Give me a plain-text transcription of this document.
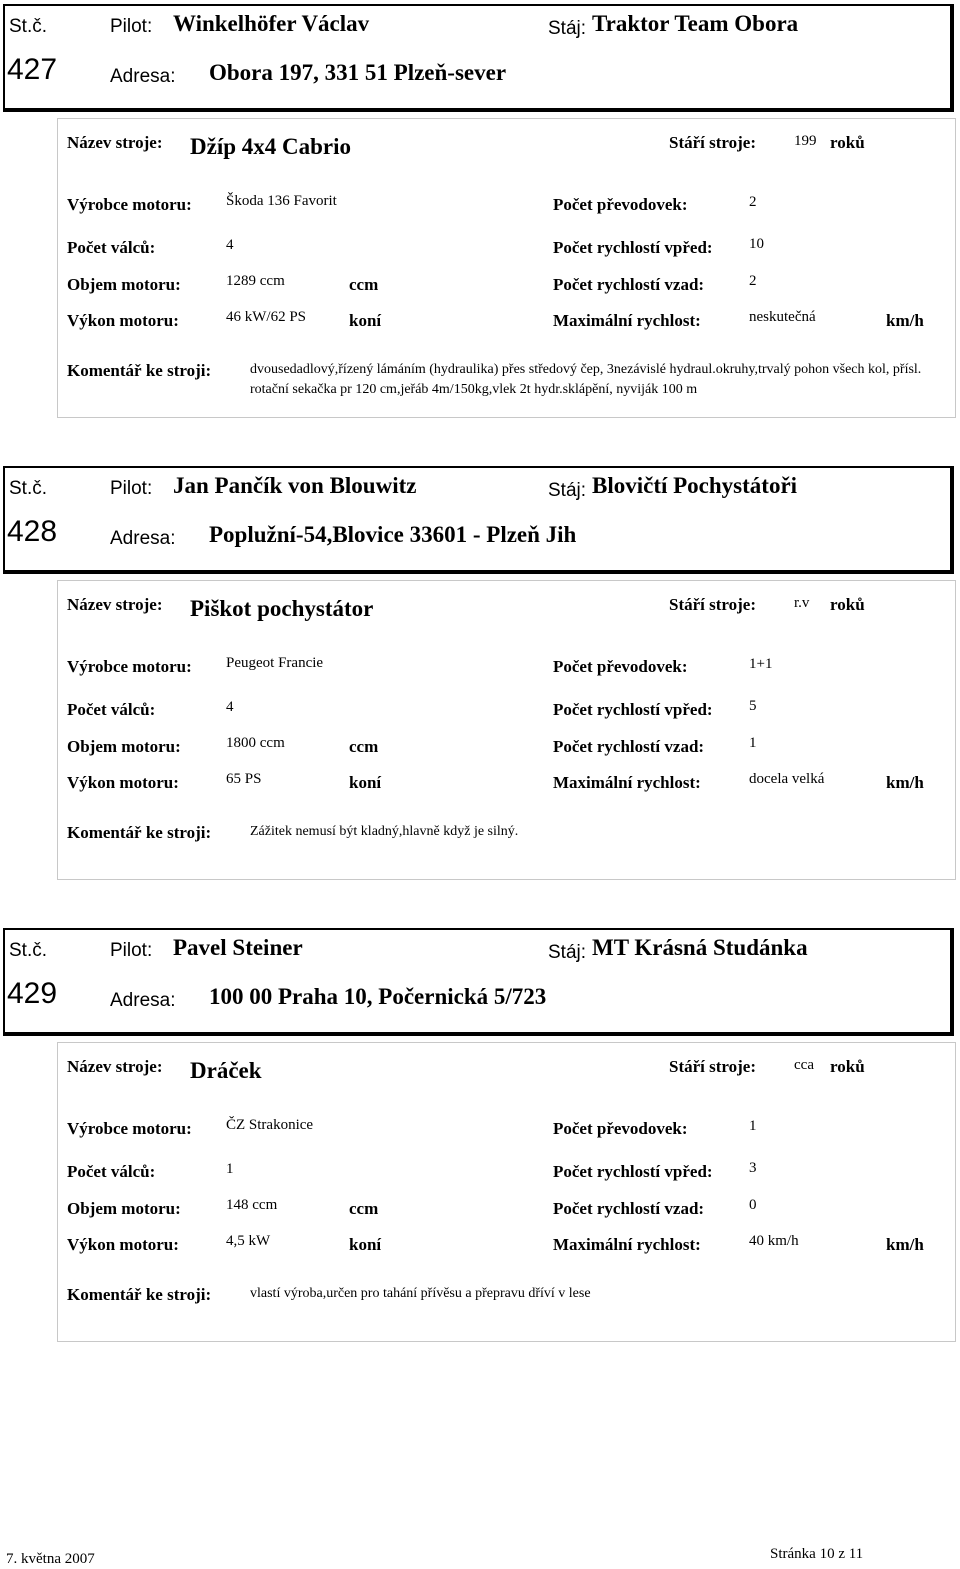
St.č.	Pilot: Winkelhöfer Václav	Stáj: Traktor Team Obora
427	Adresa: Obora 197, 331 51 Plzeň-sever
Název stroje: Džíp 4x4 Cabrio	Stáří stroje:	199 roků
Výrobce motoru: Škoda 136 Favorit	Počet převodovek:	2
Počet válců:	4	Počet rychlostí vpřed: 10
Objem motoru:	1289 ccm	ccm	Počet rychlostí vzad:	2
Výkon motoru:	46 kW/62 PS	koní	Maximální rychlost:	neskutečná	km/h
Komentář ke stroji:	dvousedadlový,řízený lámáním (hydraulika) přes středový čep, 3nezávislé hydraul.okruhy,trvalý pohon všech kol, přísl. rotační sekačka pr 120 cm,jeřáb 4m/150kg,vlek 2t hydr.sklápění, nyviják 100 m
St.č.	Pilot: Jan Pančík von Blouwitz	Stáj: Blovičtí Pochystátoři
428	Adresa: Poplužní-54,Blovice 33601 - Plzeň Jih
Název stroje: Piškot pochystátor	Stáří stroje:	r.v roků
Výrobce motoru: Peugeot Francie	Počet převodovek:	1+1
Počet válců:	4	Počet rychlostí vpřed: 5
Objem motoru:	1800 ccm	ccm	Počet rychlostí vzad:	1
Výkon motoru:	65 PS	koní	Maximální rychlost:	docela velká	km/h
Komentář ke stroji:	Zážitek nemusí být kladný,hlavně když je silný.
St.č.	Pilot: Pavel Steiner	Stáj: MT Krásná Studánka
429	Adresa: 100 00 Praha 10, Počernická 5/723
Název stroje: Dráček	Stáří stroje:	cca roků
Výrobce motoru: ČZ Strakonice	Počet převodovek:	1
Počet válců:	1	Počet rychlostí vpřed: 3
Objem motoru:	148 ccm	ccm	Počet rychlostí vzad:	0
Výkon motoru:	4,5 kW	koní	Maximální rychlost:	40 km/h	km/h
Komentář ke stroji:	vlastí výroba,určen pro tahání přívěsu a přepravu dříví v lese
7. května 2007	Stránka 10 z 11
